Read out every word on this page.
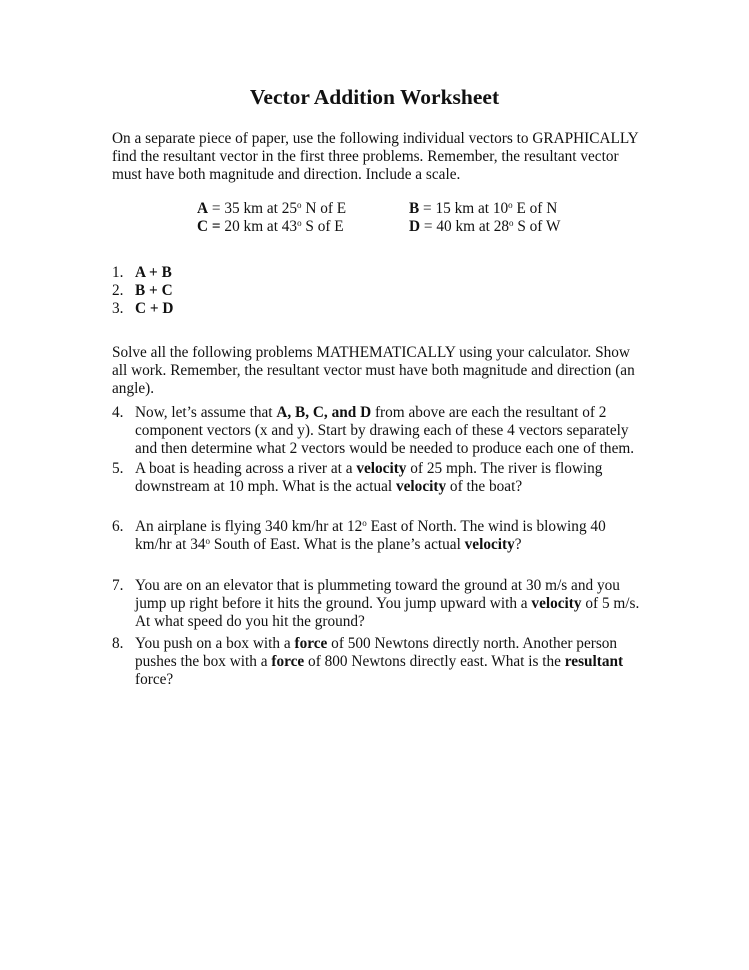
Vector Addition Worksheet

On a separate piece of paper, use the following individual vectors to GRAPHICALLY find the resultant vector in the first three problems. Remember, the resultant vector must have both magnitude and direction. Include a scale.

A = 35 km at 25$^o$ N of E	B = 15 km at 10$^o$ E of N
C = 20 km at 43$^o$ S of E	D = 40 km at 28$^o$ S of W
1. A + B
2. B + C
3. C + D

Solve all the following problems MATHEMATICALLY using your calculator. Show all work. Remember, the resultant vector must have both magnitude and direction (an angle).

4. Now, let’s assume that A, B, C, and D from above are each the resultant of 2 component vectors (x and y). Start by drawing each of these 4 vectors separately and then determine what 2 vectors would be needed to produce each one of them.
5. A boat is heading across a river at a velocity of 25 mph. The river is flowing downstream at 10 mph. What is the actual velocity of the boat?
6. An airplane is flying 340 km/hr at 12$^o$ East of North. The wind is blowing 40 km/hr at 34$^o$ South of East. What is the plane’s actual velocity?
7. You are on an elevator that is plummeting toward the ground at 30 m/s and you jump up right before it hits the ground. You jump upward with a velocity of 5 m/s. At what speed do you hit the ground?
8. You push on a box with a force of 500 Newtons directly north. Another person pushes the box with a force of 800 Newtons directly east. What is the resultant force?
